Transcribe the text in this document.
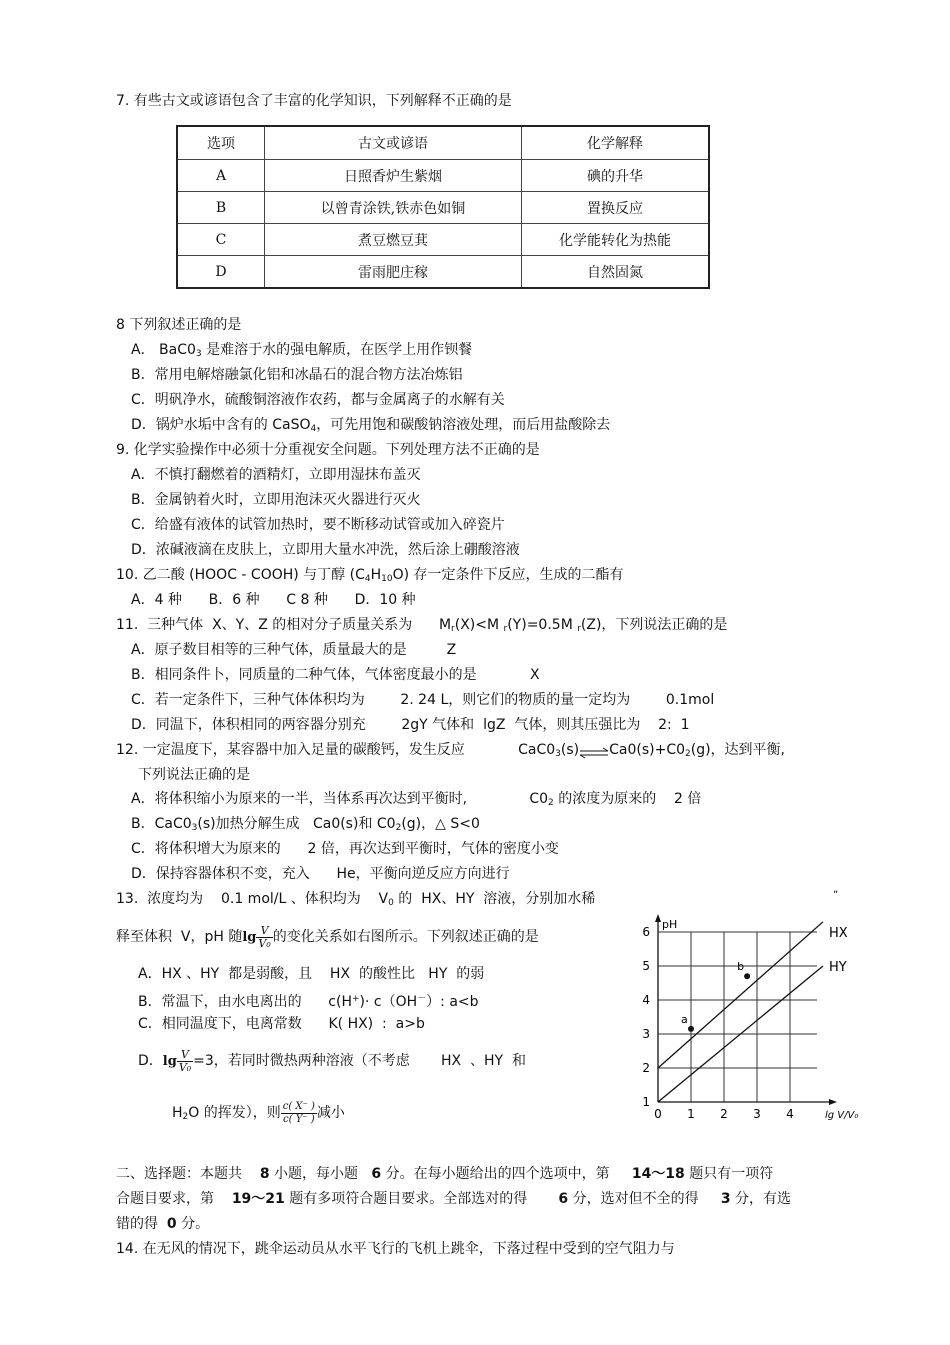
7. 有些古文或谚语包含了丰富的化学知识，下列解释不正确的是
选项	古文或谚语	化学解释
A	日照香炉生紫烟	碘的升华
B	以曾青涂铁,铁赤色如铜	置换反应
C	煮豆燃豆萁	化学能转化为热能
D	雷雨肥庄稼	自然固氮
8 下列叙述正确的是
A． $BaC0_3$ 是难溶于水的强电解质，在医学上用作钡餐
B．常用电解熔融氯化铝和冰晶石的混合物方法冶炼铝
C．明矾净水，硫酸铜溶液作农药，都与金属离子的水解有关
D．锅炉水垢中含有的 CaSO$_4$，可先用饱和碳酸钠溶液处理，而后用盐酸除去
9. 化学实验操作中必须十分重视安全问题。下列处理方法不正确的是
A．不慎打翻燃着的酒精灯，立即用湿抹布盖灭
B．金属钠着火时，立即用泡沫灭火器进行灭火
C．给盛有液体的试管加热时，要不断移动试管或加入碎瓷片
D．浓碱液滴在皮肤上，立即用大量水冲洗，然后涂上硼酸溶液
10. 乙二酸 (HOOC - COOH) 与丁醇 $(C_4H_{10}O)$ 存一定条件下反应，生成的二酯有
A．4 种      B．6 种      C 8 种      D．10 种
11.  三种气体  X、Y、Z 的相对分子质量关系为      $M_r(X)<M$ $_r$(Y)=0.5M $_r$(Z)，下列说法正确的是
A．原子数目相等的三种气体，质量最大的是         Z
B．相同条件卜，同质量的二种气体，气体密度最小的是            X
C．若一定条件下，三种气体体积均为        2. 24 L，则它们的物质的量一定均为        0.1mol
D．同温下，体积相同的两容器分别充        2gY 气体和  lgZ  气体，则其压强比为    2:  1
12. 一定温度下，某容器中加入足量的碳酸钙，发生反应            $CaC0_3(s)\rightleftharpoons Ca0(s)+C0_2(g)$，达到平衡,
下列说法正确的是
A．将体积缩小为原来的一半，当体系再次达到平衡时,              $C0_2$ 的浓度为原来的    2 倍
B．$CaC0_3(s)$加热分解生成   Ca0(s)和 $C0_2(g)$，△ S<0
C．将体积增大为原来的      2 倍，再次达到平衡时，气体的密度小变
D．保持容器体积不变，充入      He，平衡向逆反应方向进行
13.  浓度均为    0.1 mol/L 、体积均为    $V_0$ 的  HX、HY  溶液，分别加水稀
释至体积  V，pH 随$\lg \frac{V}{\text{V₀}}$ 的变化关系如右图所示。下列叙述正确的是
A．HX 、HY  都是弱酸，且    HX  的酸性比   HY  的弱
B．常温下，由水电离出的      c(H+)· c（OH－）: a<b
C．相同温度下，电离常数      K( HX)  :  a>b
D．$\lg \frac{V}{\text{V₀}} =3$，若同时微热两种溶液（不考虑       HX  、HY  和
$H_2O$ 的挥发），则 $\frac{c( X^- )}{c( Y^- )}$ 减小	0 1 2 3 4
1
2
3
4
5
6
pH
lg V/V₀
HX
HY
a
b
„
二、选择题：本题共    8 小题，每小题   6 分。在每小题给出的四个选项中，第     14～18 题只有一项符
合题目要求，第    19～21 题有多项符合题目要求。全部选对的得       6 分，选对但不全的得     3 分，有选
错的得  0 分。
14. 在无风的情况下，跳伞运动员从水平飞行的飞机上跳伞，下落过程中受到的空气阻力与
